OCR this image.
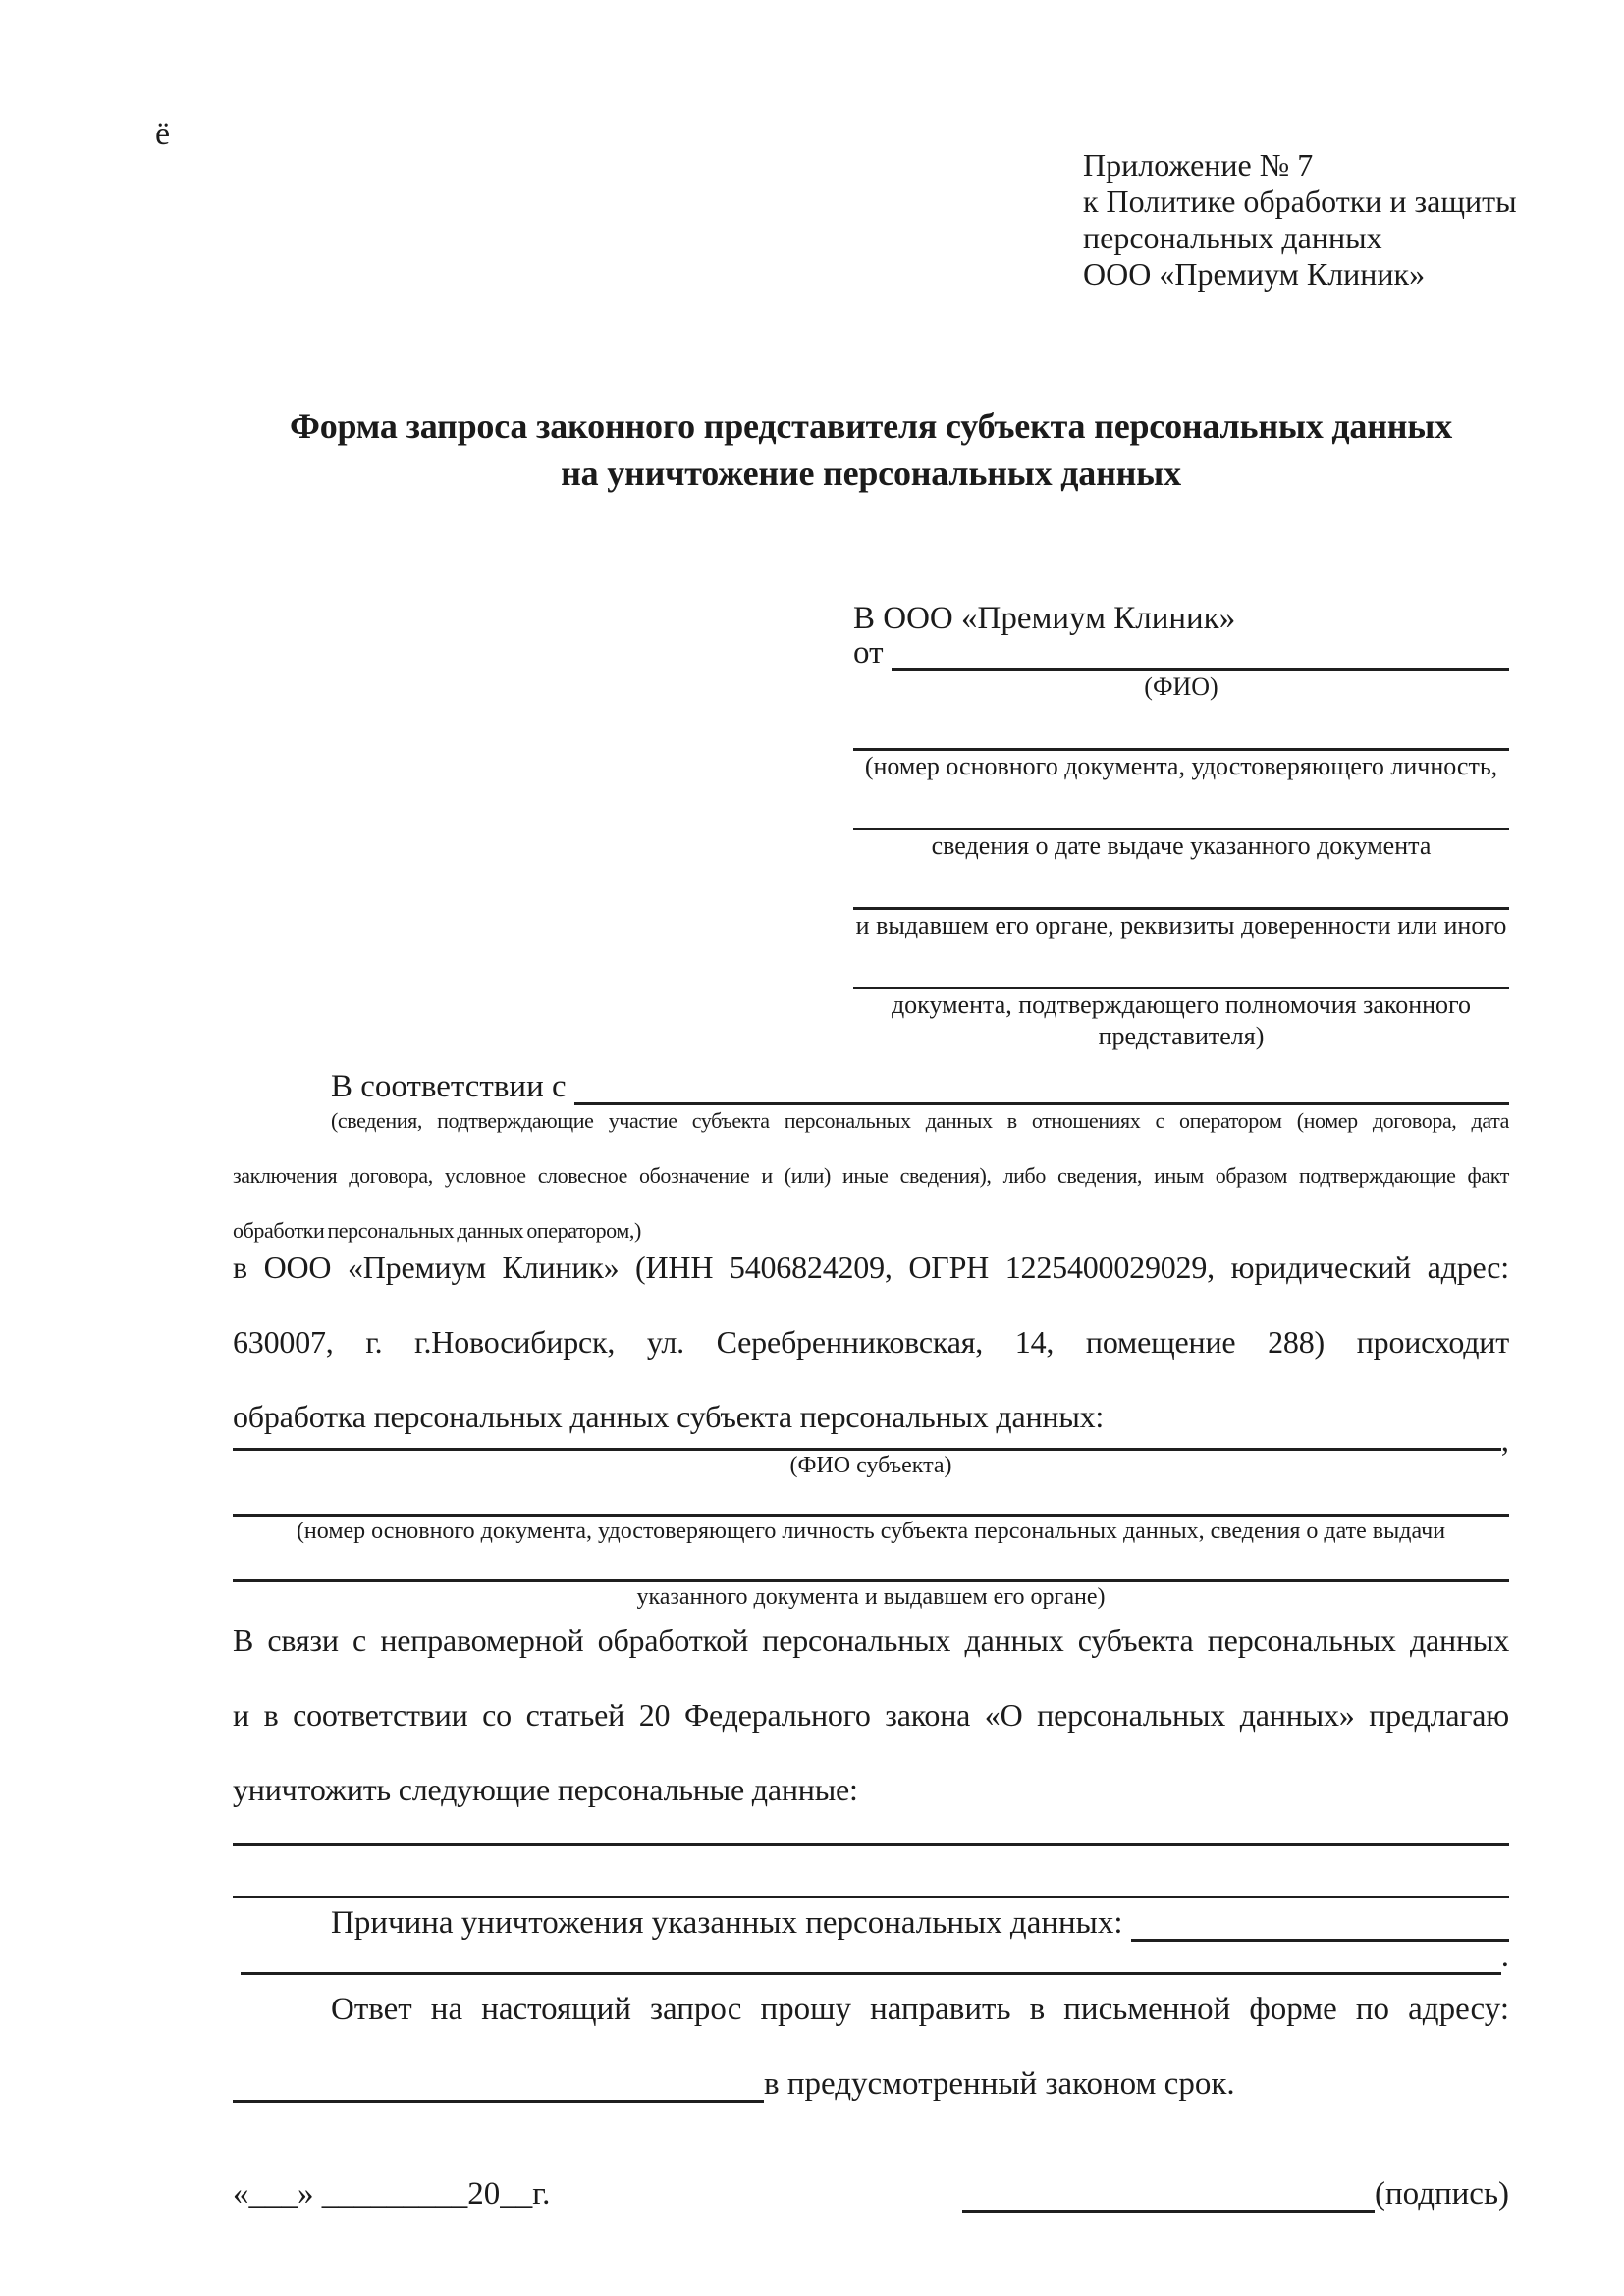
ё
Приложение № 7
к Политике обработки и защиты
персональных данных
ООО «Премиум Клиник»
Форма запроса законного представителя субъекта персональных данных
на уничтожение персональных данных
В ООО «Премиум Клиник»
от
(ФИО)
(номер основного документа, удостоверяющего личность,
сведения о дате выдаче указанного документа
и выдавшем его органе, реквизиты доверенности или иного
документа, подтверждающего полномочия законного представителя)
В соответствии с
(сведения, подтверждающие участие субъекта персональных данных в отношениях с оператором (номер договора, дата
заключения договора, условное словесное обозначение и (или) иные сведения), либо сведения, иным образом подтверждающие факт
обработки персональных данных оператором,)
в ООО «Премиум Клиник» (ИНН 5406824209, ОГРН 1225400029029, юридический адрес:
630007, г. г.Новосибирск, ул. Серебренниковская, 14, помещение 288) происходит
обработка персональных данных субъекта персональных данных:
,
(ФИО субъекта)
(номер основного документа, удостоверяющего личность субъекта персональных данных, сведения о дате выдачи
указанного документа и выдавшем его органе)
В связи с неправомерной обработкой персональных данных субъекта персональных данных
и в соответствии со статьей 20 Федерального закона «О персональных данных» предлагаю
уничтожить следующие персональные данные:
Причина уничтожения указанных персональных данных:
.
Ответ на настоящий запрос прошу направить в письменной форме по адресу:
в предусмотренный законом срок.
«___» _________20__г.	(подпись)
